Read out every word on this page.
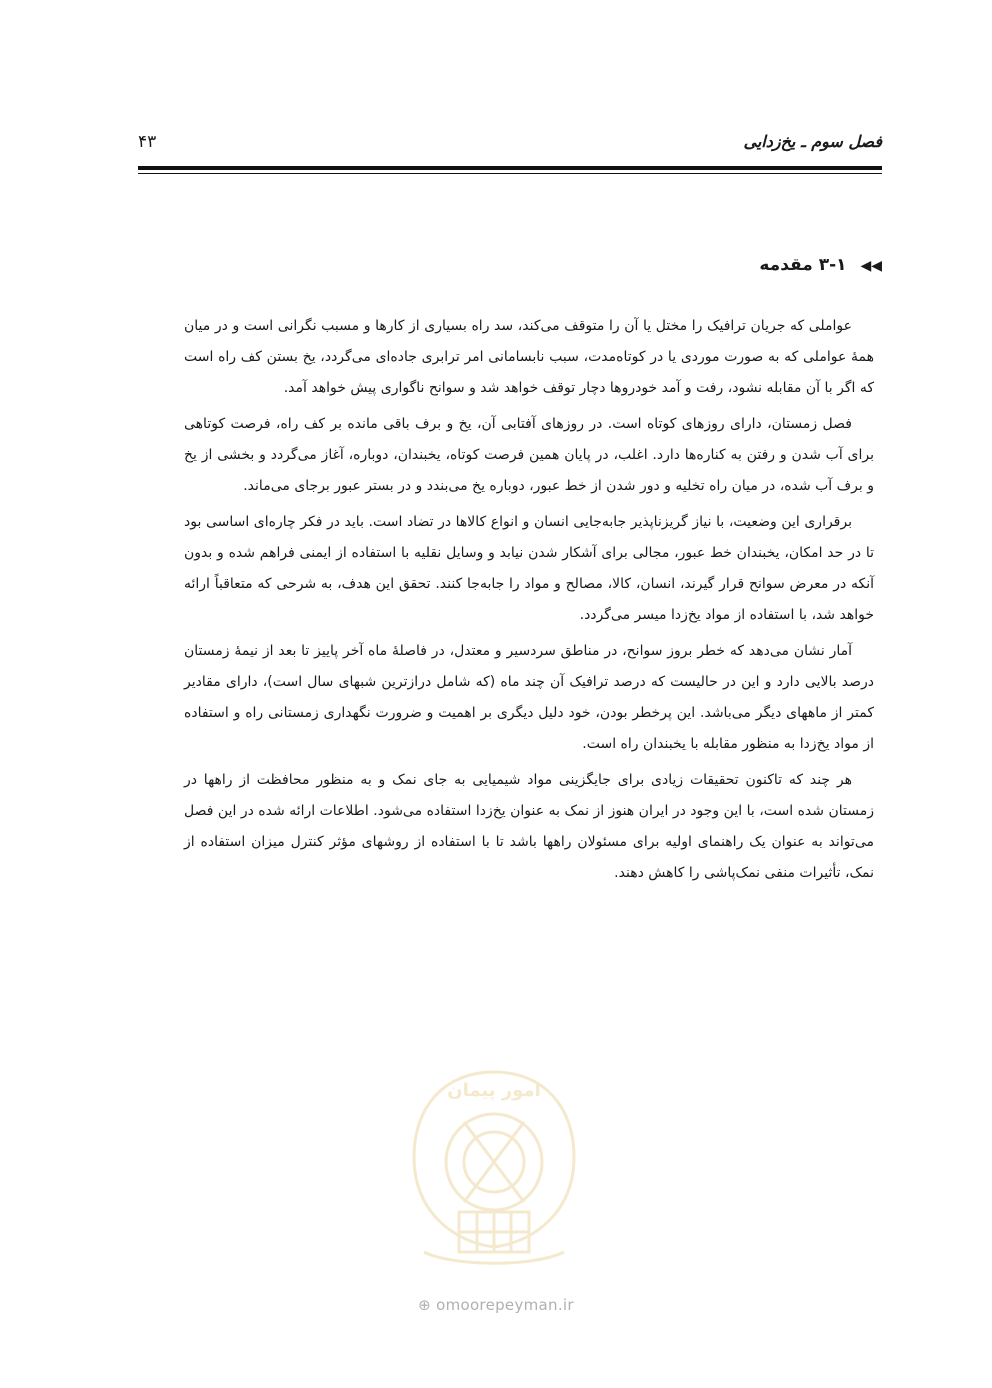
فصل سوم ـ یخ‌زدایی
۴۳
◀◀ ۳-۱ مقدمه

عواملی که جریان ترافیک را مختل یا آن را متوقف می‌کند، سد راه بسیاری از کارها و مسبب نگرانی است و در میان همهٔ عواملی که به صورت موردی یا در کوتاه‌مدت، سبب نابسامانی امر ترابری جاده‌ای می‌گردد، یخ بستن کف راه است که اگر با آن مقابله نشود، رفت و آمد خودروها دچار توقف خواهد شد و سوانح ناگواری پیش خواهد آمد.

فصل زمستان، دارای روزهای کوتاه است. در روزهای آفتابی آن، یخ و برف باقی مانده بر کف راه، فرصت کوتاهی برای آب شدن و رفتن به کناره‌ها دارد. اغلب، در پایان همین فرصت کوتاه، یخبندان، دوباره، آغاز می‌گردد و بخشی از یخ و برف آب شده، در میان راه تخلیه و دور شدن از خط عبور، دوباره یخ می‌بندد و در بستر عبور برجای می‌ماند.

برقراری این وضعیت، با نیاز گریزناپذیر جابه‌جایی انسان و انواع کالاها در تضاد است. باید در فکر چاره‌ای اساسی بود تا در حد امکان، یخبندان خط عبور، مجالی برای آشکار شدن نیابد و وسایل نقلیه با استفاده از ایمنی فراهم شده و بدون آنکه در معرض سوانح قرار گیرند، انسان، کالا، مصالح و مواد را جابه‌جا کنند. تحقق این هدف، به شرحی که متعاقباً ارائه خواهد شد، با استفاده از مواد یخ‌زدا میسر می‌گردد.

آمار نشان می‌دهد که خطر بروز سوانح، در مناطق سردسیر و معتدل، در فاصلهٔ ماه آخر پاییز تا بعد از نیمهٔ زمستان درصد بالایی دارد و این در حالیست که درصد ترافیک آن چند ماه (که شامل درازترین شبهای سال است)، دارای مقادیر کمتر از ماههای دیگر می‌باشد. این پرخطر بودن، خود دلیل دیگری بر اهمیت و ضرورت نگهداری زمستانی راه و استفاده از مواد یخ‌زدا به منظور مقابله با یخبندان راه است.

هر چند که تاکنون تحقیقات زیادی برای جایگزینی مواد شیمیایی به جای نمک و به منظور محافظت از راهها در زمستان شده است، با این وجود در ایران هنوز از نمک به عنوان یخ‌زدا استفاده می‌شود. اطلاعات ارائه شده در این فصل می‌تواند به عنوان یک راهنمای اولیه برای مسئولان راهها باشد تا با استفاده از روشهای مؤثر کنترل میزان استفاده از نمک، تأثیرات منفی نمک‌پاشی را کاهش دهند.

امور پیمان
⊕ omoorepeyman.ir
